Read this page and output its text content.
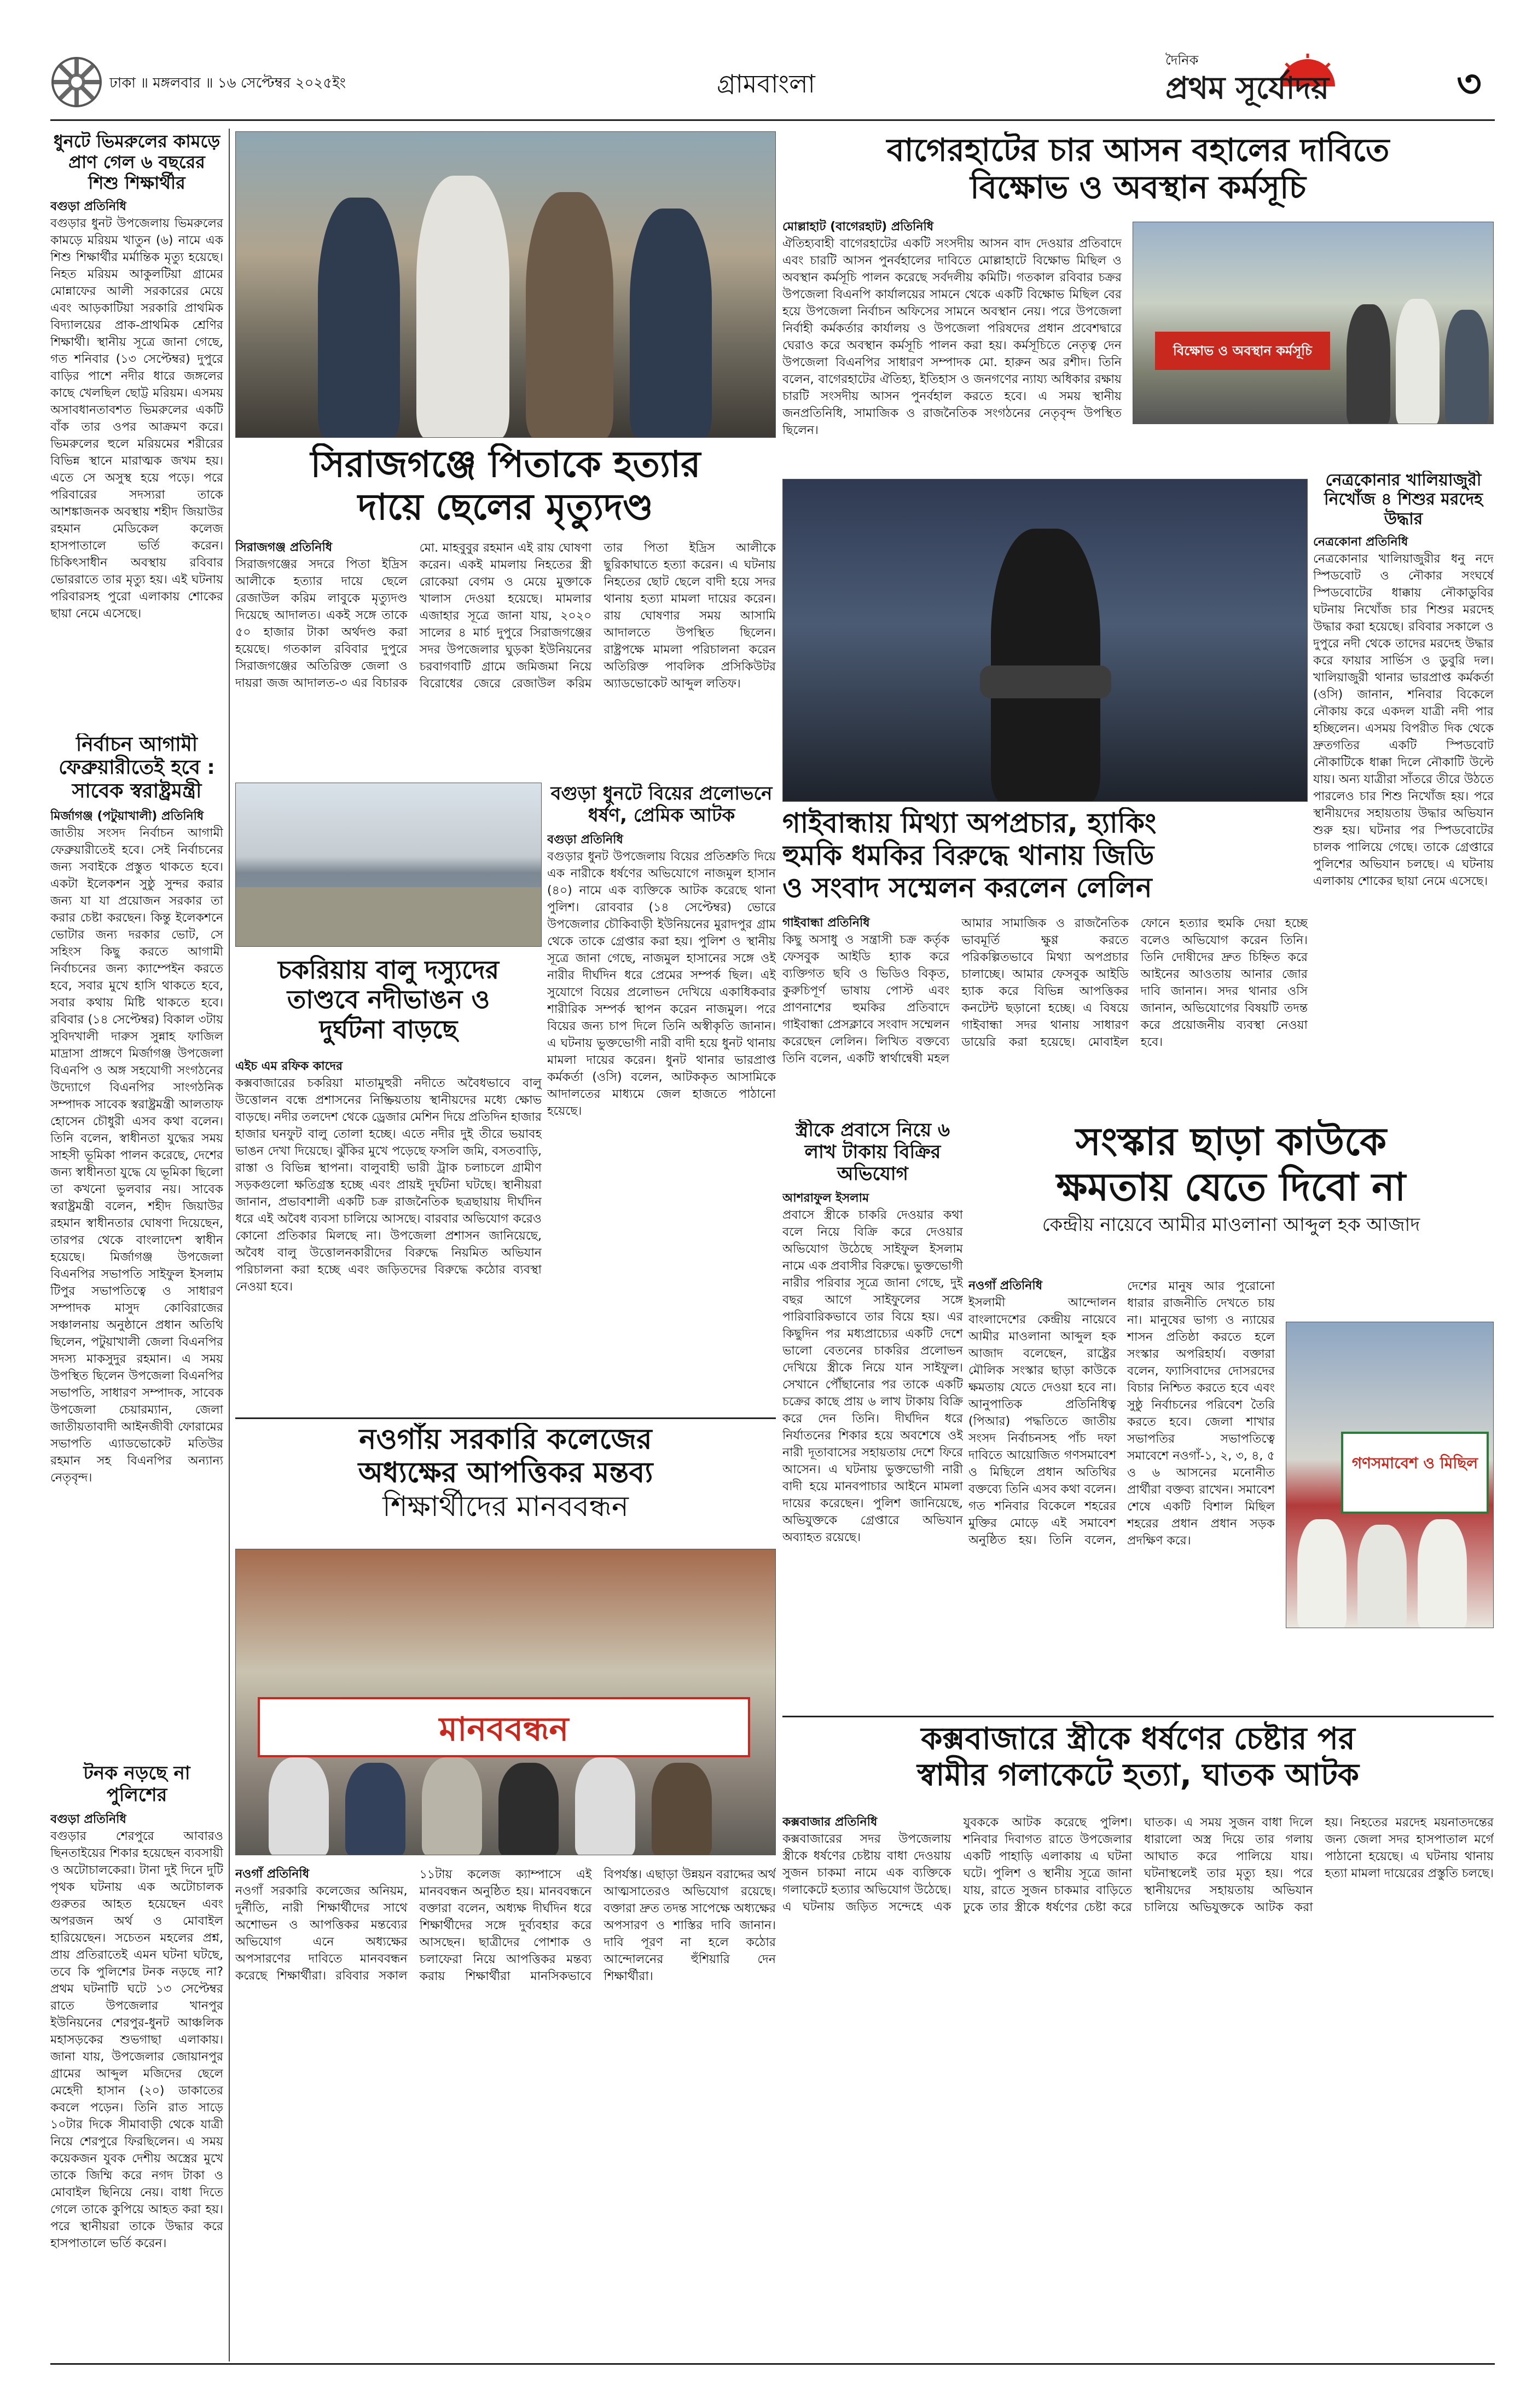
ঢাকা ॥ মঙ্গলবার ॥ ১৬ সেপ্টেম্বর ২০২৫ইং	গ্রামবাংলা
দৈনিক
প্রথম সূর্যোদয়	৩
ধুনটে ভিমরুলের কামড়ে প্রাণ গেল ৬ বছরের শিশু শিক্ষার্থীর
বগুড়া প্রতিনিধি
বগুড়ার ধুনট উপজেলায় ভিমরুলের কামড়ে মরিয়ম খাতুন (৬) নামে এক শিশু শিক্ষার্থীর মর্মান্তিক মৃত্যু হয়েছে। নিহত মরিয়ম আকুলটিয়া গ্রামের মোন্নাফের আলী সরকারের মেয়ে এবং আড়কাটিয়া সরকারি প্রাথমিক বিদ্যালয়ের প্রাক-প্রাথমিক শ্রেণির শিক্ষার্থী। স্থানীয় সূত্রে জানা গেছে, গত শনিবার (১৩ সেপ্টেম্বর) দুপুরে বাড়ির পাশে নদীর ধারে জঙ্গলের কাছে খেলছিল ছোট্ট মরিয়ম। এসময় অসাবধানতাবশত ভিমরুলের একটি বাঁক তার ওপর আক্রমণ করে। ভিমরুলের হুলে মরিয়মের শরীরের বিভিন্ন স্থানে মারাত্মক জখম হয়। এতে সে অসুস্থ হয়ে পড়ে। পরে পরিবারের সদস্যরা তাকে আশঙ্কাজনক অবস্থায় শহীদ জিয়াউর রহমান মেডিকেল কলেজ হাসপাতালে ভর্তি করেন। চিকিৎসাধীন অবস্থায় রবিবার ভোররাতে তার মৃত্যু হয়। এই ঘটনায় পরিবারসহ পুরো এলাকায় শোকের ছায়া নেমে এসেছে।
নির্বাচন আগামী ফেব্রুয়ারীতেই হবে : সাবেক স্বরাষ্ট্রমন্ত্রী
মির্জাগঞ্জ (পটুয়াখালী) প্রতিনিধি
জাতীয় সংসদ নির্বাচন আগামী ফেব্রুয়ারীতেই হবে। সেই নির্বাচনের জন্য সবাইকে প্রস্তুত থাকতে হবে। একটা ইলেকশন সুষ্ঠু সুন্দর করার জন্য যা যা প্রয়োজন সরকার তা করার চেষ্টা করছেন। কিন্তু ইলেকশনে ভোটার জন্য দরকার ভোট, সে সহিংস কিছু করতে আগামী নির্বাচনের জন্য ক্যাম্পেইন করতে হবে, সবার মুখে হাসি থাকতে হবে, সবার কথায় মিষ্টি থাকতে হবে। রবিবার (১৪ সেপ্টেম্বর) বিকাল ৩টায় সুবিদখালী দারুস সুন্নাহ ফাজিল মাদ্রাসা প্রাঙ্গণে মির্জাগঞ্জ উপজেলা বিএনপি ও অঙ্গ সহযোগী সংগঠনের উদ্যোগে বিএনপির সাংগঠনিক সম্পাদক সাবেক স্বরাষ্ট্রমন্ত্রী আলতাফ হোসেন চৌধুরী এসব কথা বলেন। তিনি বলেন, স্বাধীনতা যুদ্ধের সময় সাহসী ভূমিকা পালন করেছে, দেশের জন্য স্বাধীনতা যুদ্ধে যে ভূমিকা ছিলো তা কখনো ভুলবার নয়। সাবেক স্বরাষ্ট্রমন্ত্রী বলেন, শহীদ জিয়াউর রহমান স্বাধীনতার ঘোষণা দিয়েছেন, তারপর থেকে বাংলাদেশ স্বাধীন হয়েছে। মির্জাগঞ্জ উপজেলা বিএনপির সভাপতি সাইফুল ইসলাম টিপুর সভাপতিত্বে ও সাধারণ সম্পাদক মাসুদ কোবিরাজের সঞ্চালনায় অনুষ্ঠানে প্রধান অতিথি ছিলেন, পটুয়াখালী জেলা বিএনপির সদস্য মাকসুদুর রহমান। এ সময় উপস্থিত ছিলেন উপজেলা বিএনপির সভাপতি, সাধারণ সম্পাদক, সাবেক উপজেলা চেয়ারম্যান, জেলা জাতীয়তাবাদী আইনজীবী ফোরামের সভাপতি এ্যাডভোকেট মতিউর রহমান সহ বিএনপির অন্যান্য নেতৃবৃন্দ।
টনক নড়ছে না পুলিশের
বগুড়া প্রতিনিধি
বগুড়ার শেরপুরে আবারও ছিনতাইয়ের শিকার হয়েছেন ব্যবসায়ী ও অটোচালকেরা। টানা দুই দিনে দুটি পৃথক ঘটনায় এক অটোচালক গুরুতর আহত হয়েছেন এবং অপরজন অর্থ ও মোবাইল হারিয়েছেন। সচেতন মহলের প্রশ্ন, প্রায় প্রতিরাতেই এমন ঘটনা ঘটছে, তবে কি পুলিশের টনক নড়ছে না? প্রথম ঘটনাটি ঘটে ১৩ সেপ্টেম্বর রাতে উপজেলার খানপুর ইউনিয়নের শেরপুর-ধুনট আঞ্চলিক মহাসড়কের শুভগাছা এলাকায়। জানা যায়, উপজেলার জোয়ানপুর গ্রামের আব্দুল মজিদের ছেলে মেহেদী হাসান (২০) ডাকাতের কবলে পড়েন। তিনি রাত সাড়ে ১০টার দিকে সীমাবাড়ী থেকে যাত্রী নিয়ে শেরপুরে ফিরছিলেন। এ সময় কয়েকজন যুবক দেশীয় অস্ত্রের মুখে তাকে জিম্মি করে নগদ টাকা ও মোবাইল ছিনিয়ে নেয়। বাধা দিতে গেলে তাকে কুপিয়ে আহত করা হয়। পরে স্থানীয়রা তাকে উদ্ধার করে হাসপাতালে ভর্তি করেন।
সিরাজগঞ্জে পিতাকে হত্যার
দায়ে ছেলের মৃত্যুদণ্ড
সিরাজগঞ্জ প্রতিনিধি
সিরাজগঞ্জের সদরে পিতা ইদ্রিস আলীকে হত্যার দায়ে ছেলে রেজাউল করিম লাবুকে মৃত্যুদণ্ড দিয়েছে আদালত। একই সঙ্গে তাকে ৫০ হাজার টাকা অর্থদণ্ড করা হয়েছে। গতকাল রবিবার দুপুরে সিরাজগঞ্জের অতিরিক্ত জেলা ও দায়রা জজ আদালত-৩ এর বিচারক মো. মাহবুবুর রহমান এই রায় ঘোষণা করেন। একই মামলায় নিহতের স্ত্রী রোকেয়া বেগম ও মেয়ে মুক্তাকে খালাস দেওয়া হয়েছে। মামলার এজাহার সূত্রে জানা যায়, ২০২০ সালের ৪ মার্চ দুপুরে সিরাজগঞ্জের সদর উপজেলার ঘুড়কা ইউনিয়নের চরবাগবাটি গ্রামে জমিজমা নিয়ে বিরোধের জেরে রেজাউল করিম তার পিতা ইদ্রিস আলীকে ছুরিকাঘাতে হত্যা করেন। এ ঘটনায় নিহতের ছোট ছেলে বাদী হয়ে সদর থানায় হত্যা মামলা দায়ের করেন। রায় ঘোষণার সময় আসামি আদালতে উপস্থিত ছিলেন। রাষ্ট্রপক্ষে মামলা পরিচালনা করেন অতিরিক্ত পাবলিক প্রসিকিউটর অ্যাডভোকেট আব্দুল লতিফ।
বাগেরহাটের চার আসন বহালের দাবিতে
বিক্ষোভ ও অবস্থান কর্মসূচি
মোল্লাহাট (বাগেরহাট) প্রতিনিধি
ঐতিহ্যবাহী বাগেরহাটের একটি সংসদীয় আসন বাদ দেওয়ার প্রতিবাদে এবং চারটি আসন পুনর্বহালের দাবিতে মোল্লাহাটে বিক্ষোভ মিছিল ও অবস্থান কর্মসূচি পালন করেছে সর্বদলীয় কমিটি। গতকাল রবিবার চক্রর উপজেলা বিএনপি কার্যালয়ের সামনে থেকে একটি বিক্ষোভ মিছিল বের হয়ে উপজেলা নির্বাচন অফিসের সামনে অবস্থান নেয়। পরে উপজেলা নির্বাহী কর্মকর্তার কার্যালয় ও উপজেলা পরিষদের প্রধান প্রবেশদ্বারে ঘেরাও করে অবস্থান কর্মসূচি পালন করা হয়। কর্মসূচিতে নেতৃত্ব দেন উপজেলা বিএনপির সাধারণ সম্পাদক মো. হারুন অর রশীদ। তিনি বলেন, বাগেরহাটের ঐতিহ্য, ইতিহাস ও জনগণের ন্যায্য অধিকার রক্ষায় চারটি সংসদীয় আসন পুনর্বহাল করতে হবে। এ সময় স্থানীয় জনপ্রতিনিধি, সামাজিক ও রাজনৈতিক সংগঠনের নেতৃবৃন্দ উপস্থিত ছিলেন।
বিক্ষোভ ও অবস্থান কর্মসূচি
চকরিয়ায় বালু দস্যুদের
তাণ্ডবে নদীভাঙন ও
দুর্ঘটনা বাড়ছে
এইচ এম রফিক কাদের
কক্সবাজারের চকরিয়া মাতামুহুরী নদীতে অবৈধভাবে বালু উত্তোলন বন্ধে প্রশাসনের নিষ্ক্রিয়তায় স্থানীয়দের মধ্যে ক্ষোভ বাড়ছে। নদীর তলদেশ থেকে ড্রেজার মেশিন দিয়ে প্রতিদিন হাজার হাজার ঘনফুট বালু তোলা হচ্ছে। এতে নদীর দুই তীরে ভয়াবহ ভাঙন দেখা দিয়েছে। ঝুঁকির মুখে পড়েছে ফসলি জমি, বসতবাড়ি, রাস্তা ও বিভিন্ন স্থাপনা। বালুবাহী ভারী ট্রাক চলাচলে গ্রামীণ সড়কগুলো ক্ষতিগ্রস্ত হচ্ছে এবং প্রায়ই দুর্ঘটনা ঘটছে। স্থানীয়রা জানান, প্রভাবশালী একটি চক্র রাজনৈতিক ছত্রছায়ায় দীর্ঘদিন ধরে এই অবৈধ ব্যবসা চালিয়ে আসছে। বারবার অভিযোগ করেও কোনো প্রতিকার মিলছে না। উপজেলা প্রশাসন জানিয়েছে, অবৈধ বালু উত্তোলনকারীদের বিরুদ্ধে নিয়মিত অভিযান পরিচালনা করা হচ্ছে এবং জড়িতদের বিরুদ্ধে কঠোর ব্যবস্থা নেওয়া হবে।
বগুড়া ধুনটে বিয়ের প্রলোভনে ধর্ষণ, প্রেমিক আটক
বগুড়া প্রতিনিধি
বগুড়ার ধুনট উপজেলায় বিয়ের প্রতিশ্রুতি দিয়ে এক নারীকে ধর্ষণের অভিযোগে নাজমুল হাসান (৪০) নামে এক ব্যক্তিকে আটক করেছে থানা পুলিশ। রোববার (১৪ সেপ্টেম্বর) ভোরে উপজেলার চৌকিবাড়ী ইউনিয়নের মুরাদপুর গ্রাম থেকে তাকে গ্রেপ্তার করা হয়। পুলিশ ও স্থানীয় সূত্রে জানা গেছে, নাজমুল হাসানের সঙ্গে ওই নারীর দীর্ঘদিন ধরে প্রেমের সম্পর্ক ছিল। এই সুযোগে বিয়ের প্রলোভন দেখিয়ে একাধিকবার শারীরিক সম্পর্ক স্থাপন করেন নাজমুল। পরে বিয়ের জন্য চাপ দিলে তিনি অস্বীকৃতি জানান। এ ঘটনায় ভুক্তভোগী নারী বাদী হয়ে ধুনট থানায় মামলা দায়ের করেন। ধুনট থানার ভারপ্রাপ্ত কর্মকর্তা (ওসি) বলেন, আটককৃত আসামিকে আদালতের মাধ্যমে জেল হাজতে পাঠানো হয়েছে।
নওগাঁয় সরকারি কলেজের
অধ্যক্ষের আপত্তিকর মন্তব্য
শিক্ষার্থীদের মানববন্ধন
মানববন্ধন
নওগাঁ প্রতিনিধি
নওগাঁ সরকারি কলেজের অনিয়ম, দুর্নীতি, নারী শিক্ষার্থীদের সাথে অশোভন ও আপত্তিকর মন্তব্যের অভিযোগ এনে অধ্যক্ষের অপসারণের দাবিতে মানববন্ধন করেছে শিক্ষার্থীরা। রবিবার সকাল ১১টায় কলেজ ক্যাম্পাসে এই মানববন্ধন অনুষ্ঠিত হয়। মানববন্ধনে বক্তারা বলেন, অধ্যক্ষ দীর্ঘদিন ধরে শিক্ষার্থীদের সঙ্গে দুর্ব্যবহার করে আসছেন। ছাত্রীদের পোশাক ও চলাফেরা নিয়ে আপত্তিকর মন্তব্য করায় শিক্ষার্থীরা মানসিকভাবে বিপর্যস্ত। এছাড়া উন্নয়ন বরাদ্দের অর্থ আত্মসাতেরও অভিযোগ রয়েছে। বক্তারা দ্রুত তদন্ত সাপেক্ষে অধ্যক্ষের অপসারণ ও শাস্তির দাবি জানান। দাবি পূরণ না হলে কঠোর আন্দোলনের হুঁশিয়ারি দেন শিক্ষার্থীরা।
নেত্রকোনার খালিয়াজুরী নিখোঁজ ৪ শিশুর মরদেহ উদ্ধার
নেত্রকোনা প্রতিনিধি
নেত্রকোনার খালিয়াজুরীর ধনু নদে স্পিডবোট ও নৌকার সংঘর্ষে স্পিডবোটের ধাক্কায় নৌকাডুবির ঘটনায় নিখোঁজ চার শিশুর মরদেহ উদ্ধার করা হয়েছে। রবিবার সকালে ও দুপুরে নদী থেকে তাদের মরদেহ উদ্ধার করে ফায়ার সার্ভিস ও ডুবুরি দল। খালিয়াজুরী থানার ভারপ্রাপ্ত কর্মকর্তা (ওসি) জানান, শনিবার বিকেলে নৌকায় করে একদল যাত্রী নদী পার হচ্ছিলেন। এসময় বিপরীত দিক থেকে দ্রুতগতির একটি স্পিডবোট নৌকাটিকে ধাক্কা দিলে নৌকাটি উল্টে যায়। অন্য যাত্রীরা সাঁতরে তীরে উঠতে পারলেও চার শিশু নিখোঁজ হয়। পরে স্থানীয়দের সহায়তায় উদ্ধার অভিযান শুরু হয়। ঘটনার পর স্পিডবোটের চালক পালিয়ে গেছে। তাকে গ্রেপ্তারে পুলিশের অভিযান চলছে। এ ঘটনায় এলাকায় শোকের ছায়া নেমে এসেছে।
গাইবান্ধায় মিথ্যা অপপ্রচার, হ্যাকিং
হুমকি ধমকির বিরুদ্ধে থানায় জিডি
ও সংবাদ সম্মেলন করলেন লেলিন
গাইবান্ধা প্রতিনিধি
কিছু অসাধু ও সন্ত্রাসী চক্র কর্তৃক ফেসবুক আইডি হ্যাক করে ব্যক্তিগত ছবি ও ভিডিও বিকৃত, কুরুচিপূর্ণ ভাষায় পোস্ট এবং প্রাণনাশের হুমকির প্রতিবাদে গাইবান্ধা প্রেসক্লাবে সংবাদ সম্মেলন করেছেন লেলিন। লিখিত বক্তব্যে তিনি বলেন, একটি স্বার্থান্বেষী মহল আমার সামাজিক ও রাজনৈতিক ভাবমূর্তি ক্ষুণ্ণ করতে পরিকল্পিতভাবে মিথ্যা অপপ্রচার চালাচ্ছে। আমার ফেসবুক আইডি হ্যাক করে বিভিন্ন আপত্তিকর কনটেন্ট ছড়ানো হচ্ছে। এ বিষয়ে গাইবান্ধা সদর থানায় সাধারণ ডায়েরি করা হয়েছে। মোবাইল ফোনে হত্যার হুমকি দেয়া হচ্ছে বলেও অভিযোগ করেন তিনি। তিনি দোষীদের দ্রুত চিহ্নিত করে আইনের আওতায় আনার জোর দাবি জানান। সদর থানার ওসি জানান, অভিযোগের বিষয়টি তদন্ত করে প্রয়োজনীয় ব্যবস্থা নেওয়া হবে।
স্ত্রীকে প্রবাসে নিয়ে ৬ লাখ টাকায় বিক্রির অভিযোগ
আশরাফুল ইসলাম
প্রবাসে স্ত্রীকে চাকরি দেওয়ার কথা বলে নিয়ে বিক্রি করে দেওয়ার অভিযোগ উঠেছে সাইফুল ইসলাম নামে এক প্রবাসীর বিরুদ্ধে। ভুক্তভোগী নারীর পরিবার সূত্রে জানা গেছে, দুই বছর আগে সাইফুলের সঙ্গে পারিবারিকভাবে তার বিয়ে হয়। এর কিছুদিন পর মধ্যপ্রাচ্যের একটি দেশে ভালো বেতনের চাকরির প্রলোভন দেখিয়ে স্ত্রীকে নিয়ে যান সাইফুল। সেখানে পৌঁছানোর পর তাকে একটি চক্রের কাছে প্রায় ৬ লাখ টাকায় বিক্রি করে দেন তিনি। দীর্ঘদিন ধরে নির্যাতনের শিকার হয়ে অবশেষে ওই নারী দূতাবাসের সহায়তায় দেশে ফিরে আসেন। এ ঘটনায় ভুক্তভোগী নারী বাদী হয়ে মানবপাচার আইনে মামলা দায়ের করেছেন। পুলিশ জানিয়েছে, অভিযুক্তকে গ্রেপ্তারে অভিযান অব্যাহত রয়েছে।
সংস্কার ছাড়া কাউকে
ক্ষমতায় যেতে দিবো না
কেন্দ্রীয় নায়েবে আমীর মাওলানা আব্দুল হক আজাদ
নওগাঁ প্রতিনিধি
ইসলামী আন্দোলন বাংলাদেশের কেন্দ্রীয় নায়েবে আমীর মাওলানা আব্দুল হক আজাদ বলেছেন, রাষ্ট্রের মৌলিক সংস্কার ছাড়া কাউকে ক্ষমতায় যেতে দেওয়া হবে না। আনুপাতিক প্রতিনিধিত্ব (পিআর) পদ্ধতিতে জাতীয় সংসদ নির্বাচনসহ পাঁচ দফা দাবিতে আয়োজিত গণসমাবেশ ও মিছিলে প্রধান অতিথির বক্তব্যে তিনি এসব কথা বলেন। গত শনিবার বিকেলে শহরের মুক্তির মোড়ে এই সমাবেশ অনুষ্ঠিত হয়। তিনি বলেন, দেশের মানুষ আর পুরোনো ধারার রাজনীতি দেখতে চায় না। মানুষের ভাগ্য ও ন্যায়ের শাসন প্রতিষ্ঠা করতে হলে সংস্কার অপরিহার্য। বক্তারা বলেন, ফ্যাসিবাদের দোসরদের বিচার নিশ্চিত করতে হবে এবং সুষ্ঠু নির্বাচনের পরিবেশ তৈরি করতে হবে। জেলা শাখার সভাপতির সভাপতিত্বে সমাবেশে নওগাঁ-১, ২, ৩, ৪, ৫ ও ৬ আসনের মনোনীত প্রার্থীরা বক্তব্য রাখেন। সমাবেশ শেষে একটি বিশাল মিছিল শহরের প্রধান প্রধান সড়ক প্রদক্ষিণ করে।
গণসমাবেশ ও মিছিল
কক্সবাজারে স্ত্রীকে ধর্ষণের চেষ্টার পর
স্বামীর গলাকেটে হত্যা, ঘাতক আটক
কক্সবাজার প্রতিনিধি
কক্সবাজারের সদর উপজেলায় স্ত্রীকে ধর্ষণের চেষ্টায় বাধা দেওয়ায় সুজন চাকমা নামে এক ব্যক্তিকে গলাকেটে হত্যার অভিযোগ উঠেছে। এ ঘটনায় জড়িত সন্দেহে এক যুবককে আটক করেছে পুলিশ। শনিবার দিবাগত রাতে উপজেলার একটি পাহাড়ি এলাকায় এ ঘটনা ঘটে। পুলিশ ও স্থানীয় সূত্রে জানা যায়, রাতে সুজন চাকমার বাড়িতে ঢুকে তার স্ত্রীকে ধর্ষণের চেষ্টা করে ঘাতক। এ সময় সুজন বাধা দিলে ধারালো অস্ত্র দিয়ে তার গলায় আঘাত করে পালিয়ে যায়। ঘটনাস্থলেই তার মৃত্যু হয়। পরে স্থানীয়দের সহায়তায় অভিযান চালিয়ে অভিযুক্তকে আটক করা হয়। নিহতের মরদেহ ময়নাতদন্তের জন্য জেলা সদর হাসপাতাল মর্গে পাঠানো হয়েছে। এ ঘটনায় থানায় হত্যা মামলা দায়েরের প্রস্তুতি চলছে।
